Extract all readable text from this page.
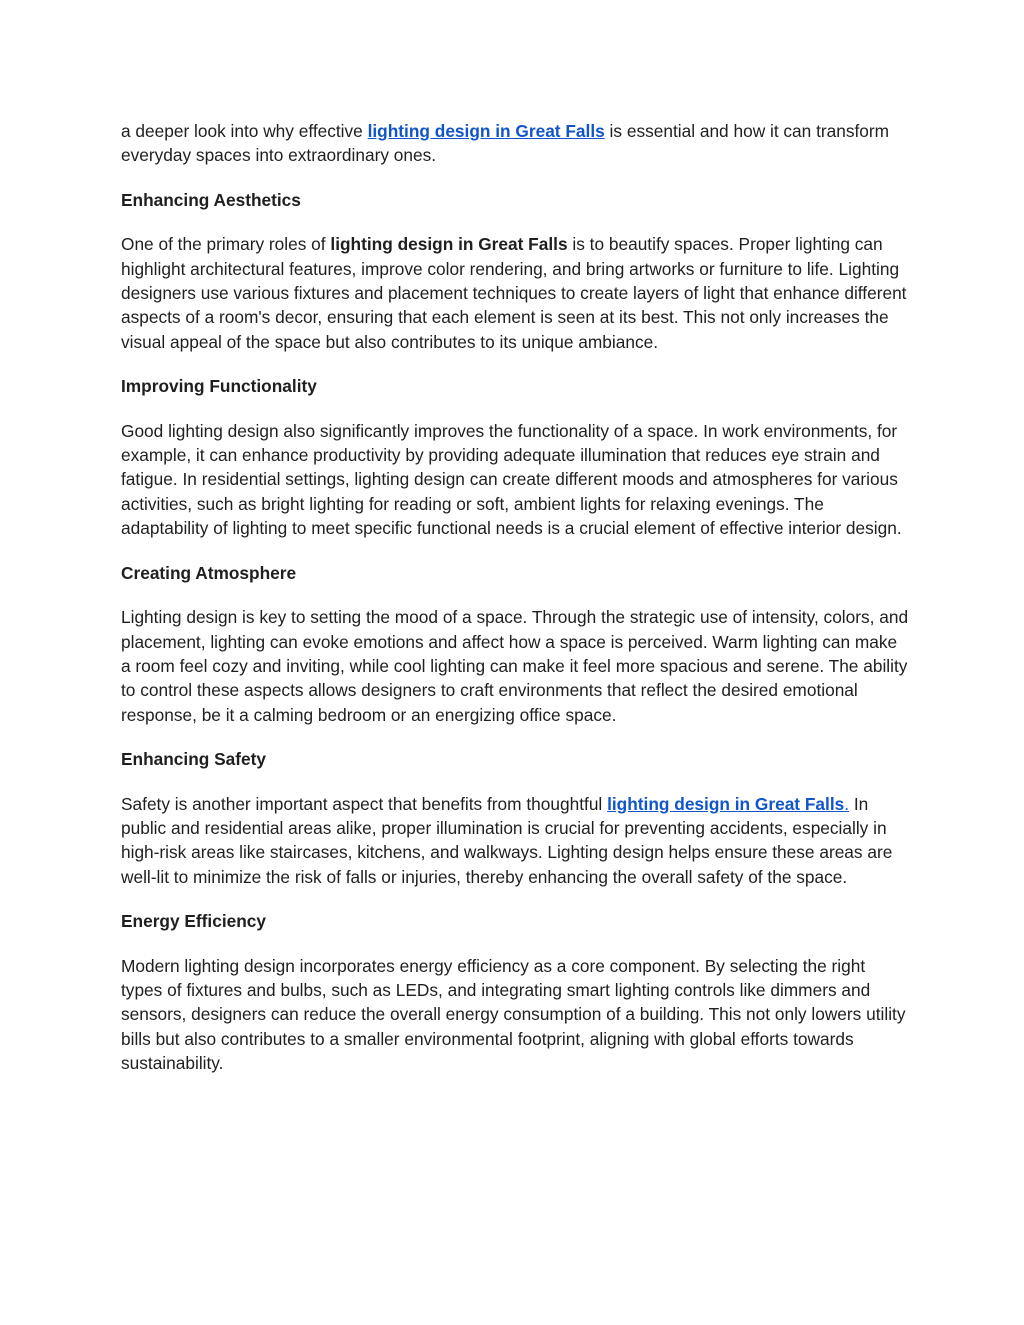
a deeper look into why effective lighting design in Great Falls is essential and how it can transform everyday spaces into extraordinary ones.

Enhancing Aesthetics

One of the primary roles of lighting design in Great Falls is to beautify spaces. Proper lighting can highlight architectural features, improve color rendering, and bring artworks or furniture to life. Lighting designers use various fixtures and placement techniques to create layers of light that enhance different aspects of a room's decor, ensuring that each element is seen at its best. This not only increases the visual appeal of the space but also contributes to its unique ambiance.

Improving Functionality

Good lighting design also significantly improves the functionality of a space. In work environments, for example, it can enhance productivity by providing adequate illumination that reduces eye strain and fatigue. In residential settings, lighting design can create different moods and atmospheres for various activities, such as bright lighting for reading or soft, ambient lights for relaxing evenings. The adaptability of lighting to meet specific functional needs is a crucial element of effective interior design.

Creating Atmosphere

Lighting design is key to setting the mood of a space. Through the strategic use of intensity, colors, and placement, lighting can evoke emotions and affect how a space is perceived. Warm lighting can make a room feel cozy and inviting, while cool lighting can make it feel more spacious and serene. The ability to control these aspects allows designers to craft environments that reflect the desired emotional response, be it a calming bedroom or an energizing office space.

Enhancing Safety

Safety is another important aspect that benefits from thoughtful lighting design in Great Falls. In public and residential areas alike, proper illumination is crucial for preventing accidents, especially in high-risk areas like staircases, kitchens, and walkways. Lighting design helps ensure these areas are well-lit to minimize the risk of falls or injuries, thereby enhancing the overall safety of the space.

Energy Efficiency

Modern lighting design incorporates energy efficiency as a core component. By selecting the right types of fixtures and bulbs, such as LEDs, and integrating smart lighting controls like dimmers and sensors, designers can reduce the overall energy consumption of a building. This not only lowers utility bills but also contributes to a smaller environmental footprint, aligning with global efforts towards sustainability.
